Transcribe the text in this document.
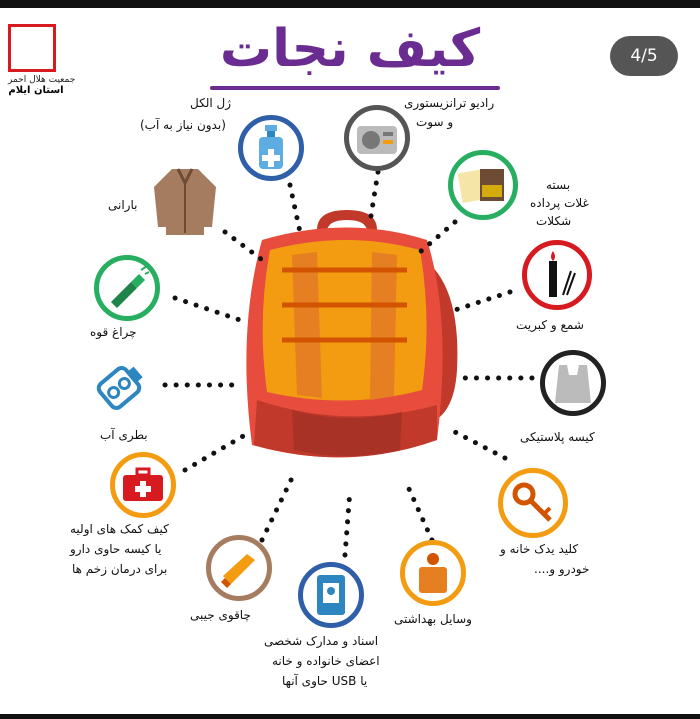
جمعیت هلال احمر
استان ایلام
کیف نجات	4/5
ژل الکل
(بدون نیاز به آب)
رادیو ترانزیستوری
و سوت
بارانی
بسته
غلات پرداده
شکلات
چراغ قوه	شمع و کبریت
بطری آب	کیسه پلاستیکی
کیف کمک های اولیه
یا کیسه حاوی دارو
برای درمان زخم ها
کلید یدک خانه و
خودرو و....
چاقوی جیبی
اسناد و مدارک شخصی
اعضای خانواده و خانه
یا USB حاوی آنها
وسایل بهداشتی
